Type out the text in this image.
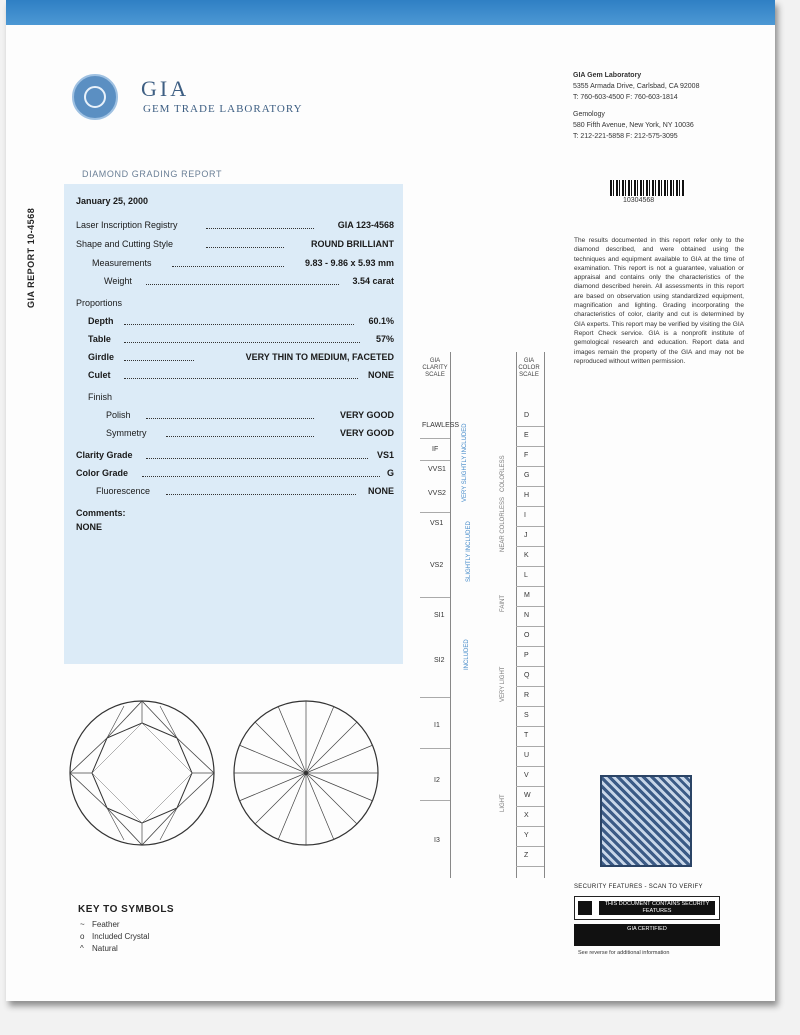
GIA
GEM TRADE LABORATORY
GIA REPORT 10-4568
DIAMOND GRADING REPORT
January 25, 2000
Laser Inscription Registry	GIA 123-4568
Shape and Cutting Style	ROUND BRILLIANT
Measurements	9.83 - 9.86 x 5.93 mm
Weight	3.54 carat
Proportions
Depth	60.1%
Table	57%
Girdle	VERY THIN TO MEDIUM, FACETED
Culet	NONE
Finish
Polish	VERY GOOD
Symmetry	VERY GOOD
Clarity Grade	VS1
Color Grade	G
Fluorescence	NONE
Comments:
NONE
GIA CLARITY SCALE
GIA COLOR SCALE
FLAWLESS
IF
VVS1
VVS2
VS1
VS2
SI1
SI2
I1
I2
I3
VERY SLIGHTLY INCLUDED
SLIGHTLY INCLUDED
INCLUDED
COLORLESS
NEAR COLORLESS
FAINT
VERY LIGHT
LIGHT
D
E
F
G
H
I
J
K
L
M
N
O
P
Q
R
S
T
U
V
W
X
Y
Z
GIA Gem Laboratory
5355 Armada Drive, Carlsbad, CA 92008
T: 760-603-4500 F: 760-603-1814
Gemology
580 Fifth Avenue, New York, NY 10036
T: 212-221-5858 F: 212-575-3095
10304568
The results documented in this report refer only to the diamond described, and were obtained using the techniques and equipment available to GIA at the time of examination. This report is not a guarantee, valuation or appraisal and contains only the characteristics of the diamond described herein. All assessments in this report are based on observation using standardized equipment, magnification and lighting. Grading incorporating the characteristics of color, clarity and cut is determined by GIA experts. This report may be verified by visiting the GIA Report Check service. GIA is a nonprofit institute of gemological research and education. Report data and images remain the property of the GIA and may not be reproduced without written permission.
SECURITY FEATURES - SCAN TO VERIFY
THIS DOCUMENT CONTAINS SECURITY FEATURES
GIA CERTIFIED
See reverse for additional information
KEY TO SYMBOLS
~ Feather
o Included Crystal
^ Natural
